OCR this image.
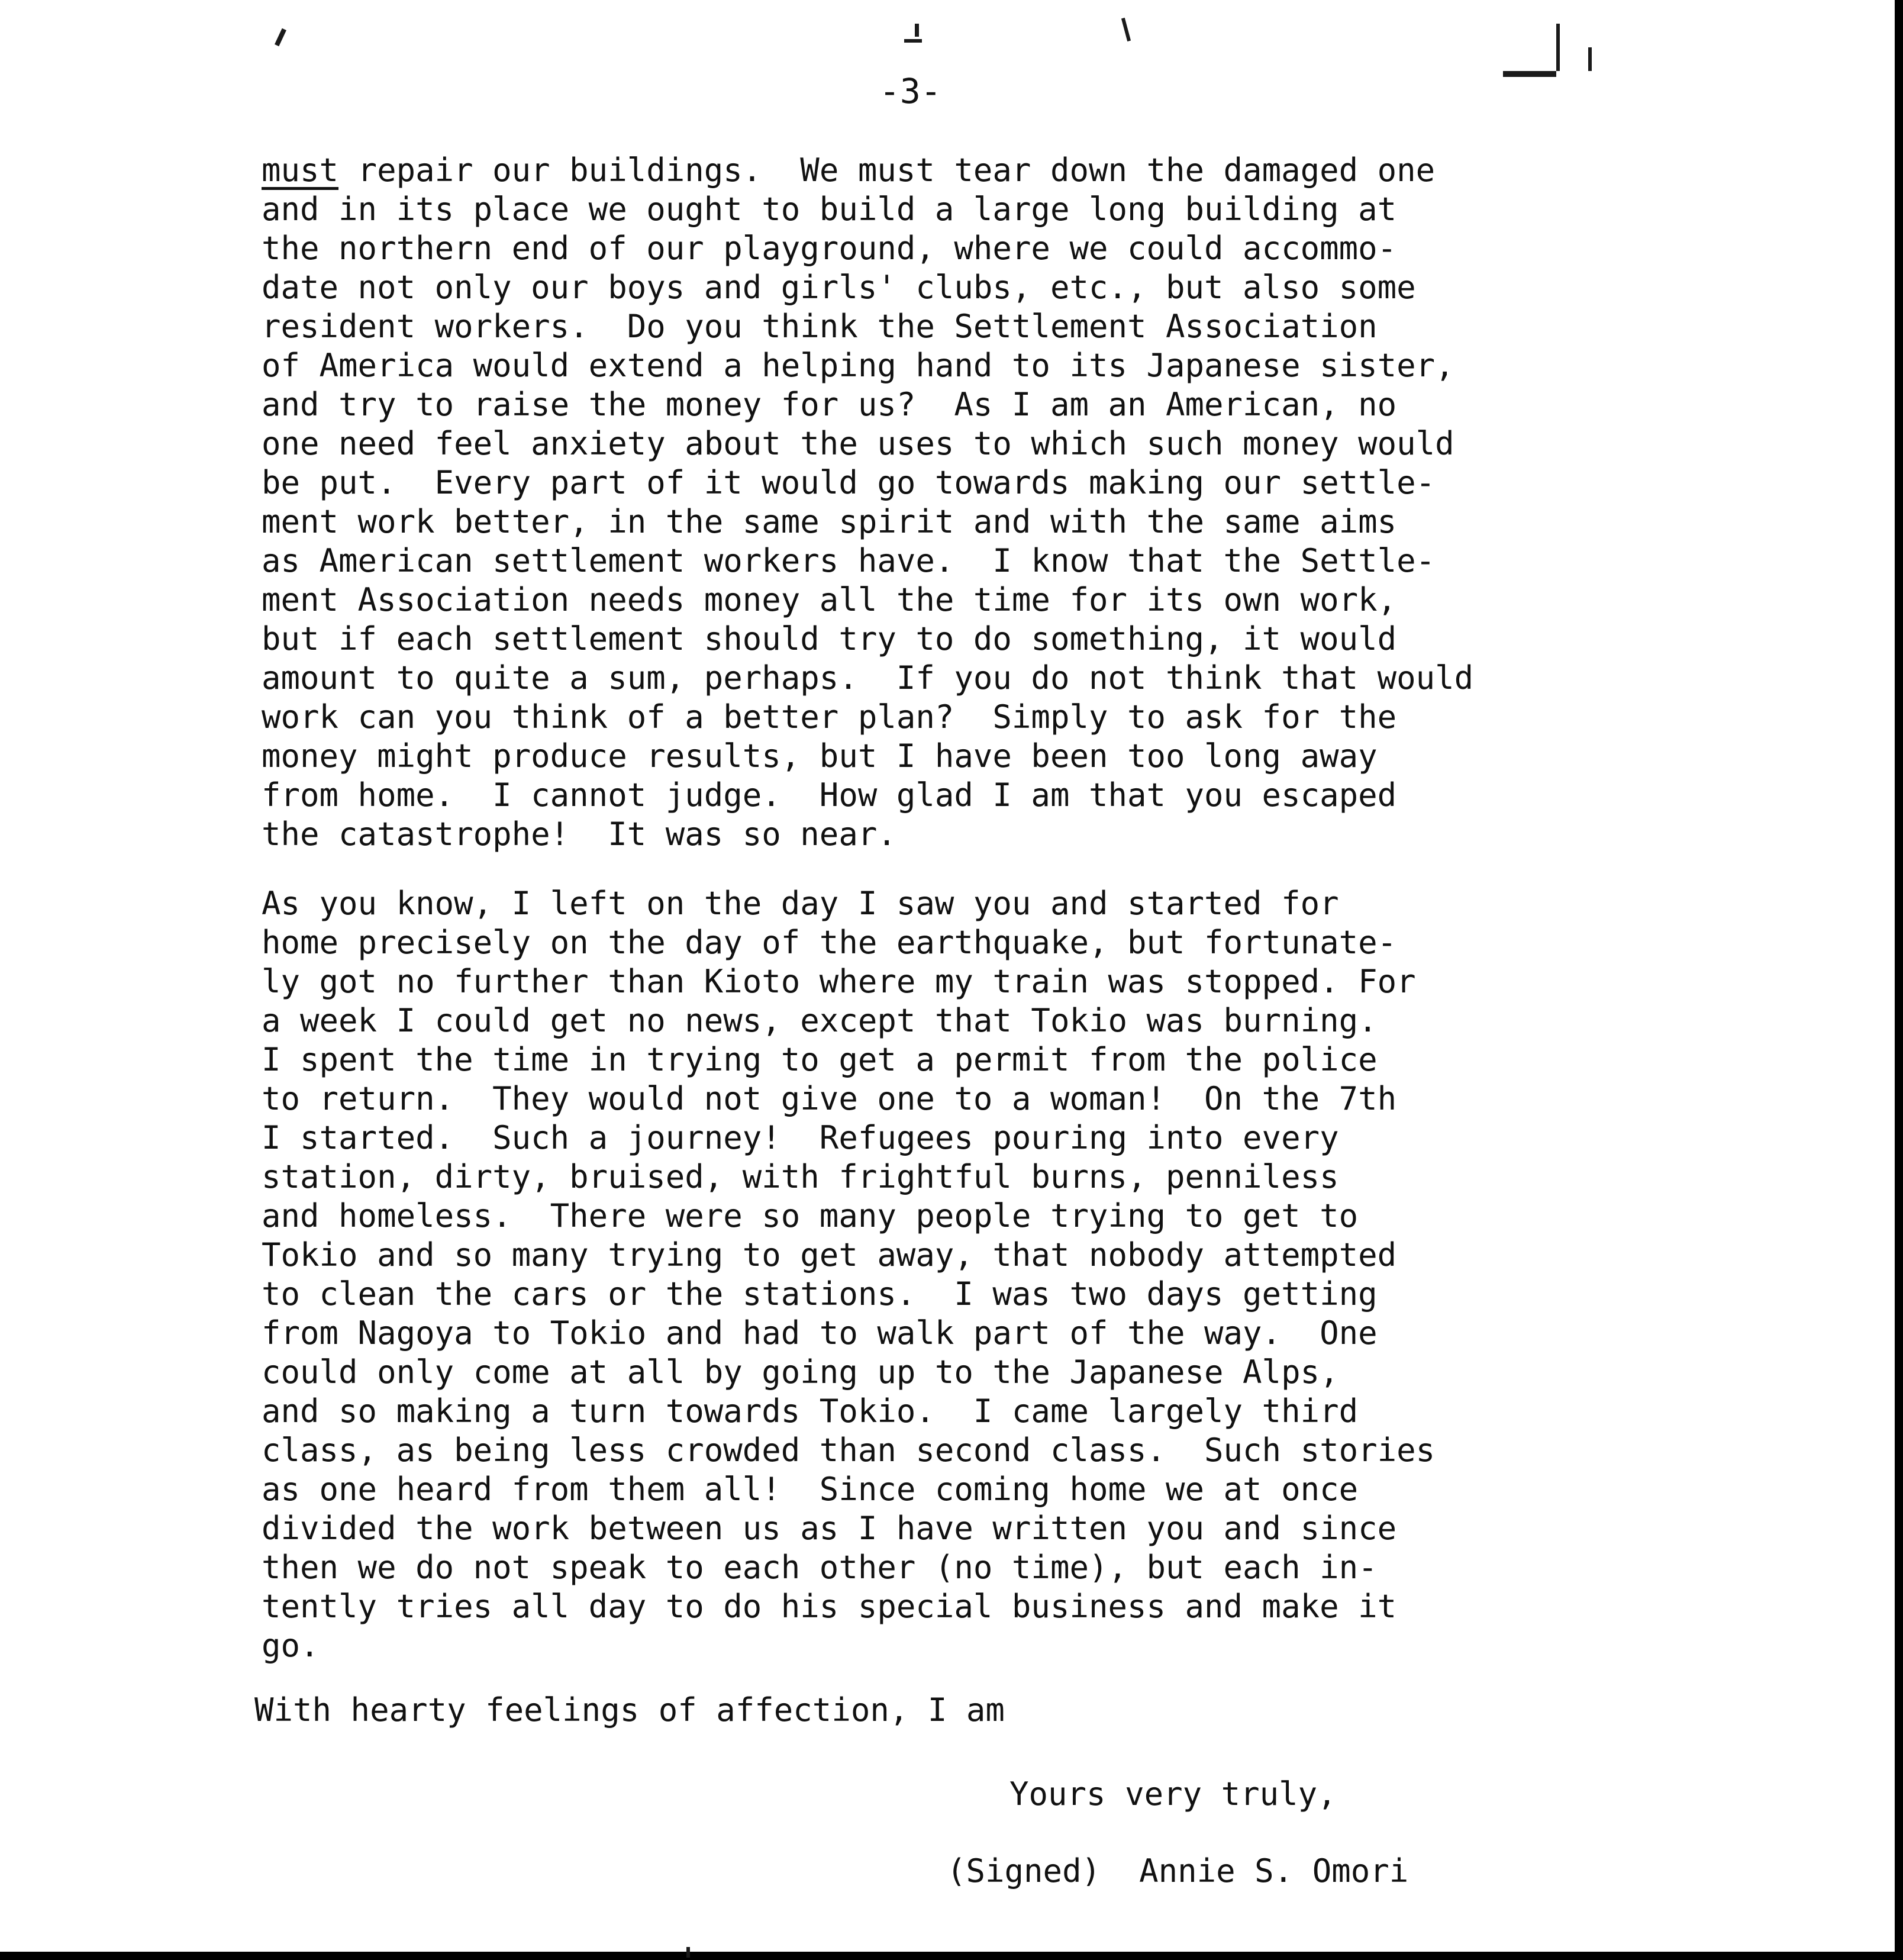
-3-
must repair our buildings.  We must tear down the damaged one
and in its place we ought to build a large long building at
the northern end of our playground, where we could accommo-
date not only our boys and girls' clubs, etc., but also some
resident workers.  Do you think the Settlement Association
of America would extend a helping hand to its Japanese sister,
and try to raise the money for us?  As I am an American, no
one need feel anxiety about the uses to which such money would
be put.  Every part of it would go towards making our settle-
ment work better, in the same spirit and with the same aims
as American settlement workers have.  I know that the Settle-
ment Association needs money all the time for its own work,
but if each settlement should try to do something, it would
amount to quite a sum, perhaps.  If you do not think that would
work can you think of a better plan?  Simply to ask for the
money might produce results, but I have been too long away
from home.  I cannot judge.  How glad I am that you escaped
the catastrophe!  It was so near.
As you know, I left on the day I saw you and started for
home precisely on the day of the earthquake, but fortunate-
ly got no further than Kioto where my train was stopped. For
a week I could get no news, except that Tokio was burning.
I spent the time in trying to get a permit from the police
to return.  They would not give one to a woman!  On the 7th
I started.  Such a journey!  Refugees pouring into every
station, dirty, bruised, with frightful burns, penniless
and homeless.  There were so many people trying to get to
Tokio and so many trying to get away, that nobody attempted
to clean the cars or the stations.  I was two days getting
from Nagoya to Tokio and had to walk part of the way.  One
could only come at all by going up to the Japanese Alps,
and so making a turn towards Tokio.  I came largely third
class, as being less crowded than second class.  Such stories
as one heard from them all!  Since coming home we at once
divided the work between us as I have written you and since
then we do not speak to each other (no time), but each in-
tently tries all day to do his special business and make it
go.
With hearty feelings of affection, I am
Yours very truly,
(Signed)  Annie S. Omori
